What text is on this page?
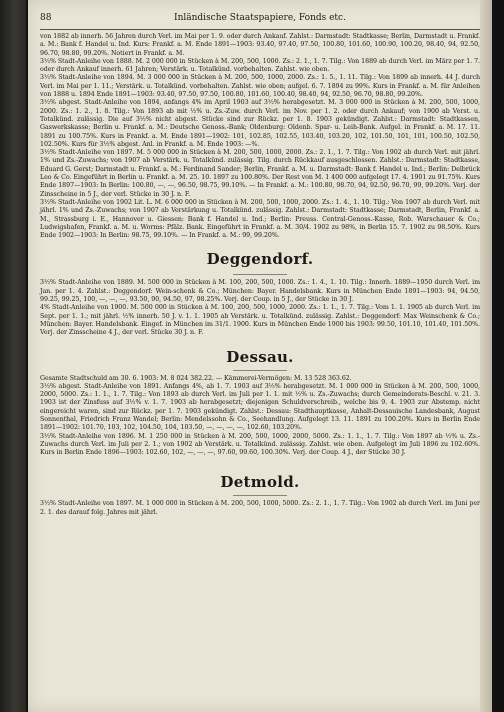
88	Inländische Staatspapiere, Fonds etc.

von 1882 ab innerh. 56 Jahren durch Verl. im Mai per 1. 9. oder durch Ankauf. Zahlst.: Darmstadt: Stadtkasse; Berlin, Darmstadt u. Frankf. a. M.: Bank f. Handel u. Ind. Kurs: Frankf. a. M. Ende 1891—1903: 93.40, 97.40, 97.50, 100.80, 101.60, 100.90, 100.20, 98.40, 94, 92.50, 96.70, 98.80, 99.20%. Notiert in Frankf. a. M.

3½% Stadt-Anleihe von 1888. M. 2 000 000 in Stücken à M. 200, 500, 1000. Zs.: 2. 1., 1. 7. Tilg.: Von 1889 ab durch Verl. im März per 1. 7. oder durch Ankauf innerh. 61 Jahren; Verstärk. u. Totalkünd. vorbehalten. Zahlst. wie oben.

3½% Stadt-Anleihe von 1894. M. 3 000 000 in Stücken à M. 200, 500, 1000, 2000. Zs.: 1. 5., 1. 11. Tilg.: Von 1899 ab innerh. 44 J. durch Verl. im Mai per 1. 11.; Verstärk. u. Totalkünd. vorbehalten. Zahlst. wie oben; aufgel. 6. 7. 1894 zu 99%. Kurs in Frankf. a. M. für Anleihen von 1888 u. 1894 Ende 1891—1903: 93.40, 97.50, 97.50, 100.80, 101.60, 100.40, 98.40, 94, 92.50, 96.70, 98.80, 99.20%.

3½% abgest. Stadt-Anleihe von 1894, anfangs 4% im April 1903 auf 3½% herabgesetzt. M. 3 000 000 in Stücken à M. 200, 500, 1000, 2000. Zs.: 1. 2., 1. 8. Tilg.: Von 1893 ab mit ½% u. Zs.-Zuw. durch Verl. im Nov. per 1. 2. oder durch Ankauf; von 1900 ab Verst. u. Totalkünd. zulässig. Die auf 3½% nicht abgest. Stücke sind zur Rückz. per 1. 8. 1903 gekündigt. Zahlst.: Darmstadt: Stadtkassen, Gaswerkskasse; Berlin u. Frankf. a. M.: Deutsche Genoss.-Bank; Oldenburg: Oldenb. Spar- u. Leih-Bank. Aufgel. in Frankf. a. M. 17. 11. 1891 zu 100.75%. Kurs in Frankf. a. M. Ende 1891—1902: 101, 102.85, 102.55, 103.40, 103.20, 102, 101.50, 101, 101, 100.50, 102.50, 102.50%. Kurs für 3½% abgest. Anl. in Frankf. a. M. Ende 1903: —%.

3½% Stadt-Anleihe von 1897. M. 5 000 000 in Stücken à M. 200, 500, 1000, 2000. Zs.: 2. 1., 1. 7. Tilg.: Von 1902 ab durch Verl. mit jährl. 1% und Zs.-Zuwachs; von 1907 ab Verstärk. u. Totalkünd. zulässig. Tilg. durch Rückkauf ausgeschlossen. Zahlst.: Darmstadt: Stadtkasse, Eduard G. Gerst; Darmstadt u. Frankf. a. M.: Ferdinand Sander; Berlin, Frankf. a. M. u. Darmstadt: Bank f. Handel u. Ind.; Berlin: Delbrück Leo & Co. Eingeführt in Berlin u. Frankf. a. M. 25. 10. 1897 zu 100.80%. Der Rest von M. 1 400 000 aufgelegt 17. 4. 1901 zu 91.75%. Kurs Ende 1897—1903: In Berlin: 100.80, —, —, 96.50, 98.75, 99.10%. — In Frankf. a. M.: 100.80, 98.70, 94, 92.50, 96.70, 99, 99.20%. Verj. der Zinsscheine in 5 J., der verl. Stücke in 30 J. n. F.

3½% Stadt-Anleihe von 1902 Lit. L. M. 6 000 000 in Stücken à M. 200, 500, 1000, 2000. Zs.: 1. 4., 1. 10. Tilg.: Von 1907 ab durch Verl. mit jährl. 1% und Zs.-Zuwachs; von 1907 ab Verstärkung u. Totalkünd. zulässig. Zahlst.: Darmstadt: Stadtkasse; Darmstadt, Berlin, Frankf. a. M., Strassburg i. E., Hannover u. Giessen: Bank f. Handel u. Ind.; Berlin: Preuss. Central-Genoss.-Kasse, Rob. Warschauer & Co.; Ludwigshafen, Frankf. a. M. u. Worms: Pfälz. Bank. Eingeführt in Frankf. a. M. 30/4. 1902 zu 98%, in Berlin 15. 7. 1902 zu 98.50%. Kurs Ende 1902—1903: In Berlin: 98.75, 99.10%. — In Frankf. a. M.: 99, 99.20%.

Deggendorf.

3½% Stadt-Anleihe von 1889. M. 500 000 in Stücken à M. 100, 200, 500, 1000. Zs.: 1. 4., 1. 10. Tilg.: Innerh. 1889—1950 durch Verl. im Jan. per 1. 4. Zahlst.: Deggendorf: Wein-schenk & Co.; München: Bayer. Handelsbank. Kurs in München Ende 1891—1903: 94, 94.50, 99.25, 99.25, 100, —, —, —, 93.50, 90, 94.50, 97, 98.25%. Verj. der Coup. in 5 J., der Stücke in 30 J.

4% Stadt-Anleihe von 1900. M. 500 000 in Stücken à M. 100, 200, 500, 1000, 2000. Zs.: 1. 1., 1. 7. Tilg.: Vom 1. 1. 1905 ab durch Verl. im Sept. per 1. 1.; mit jährl. ½% innerh. 50 J. v. 1. 1. 1905 ab Verstärk. u. Totalkünd. zulässig. Zahlst.: Deggendorf: Max Weinschenk & Co.; München: Bayer. Handelsbank. Eingef. in München im 31/1. 1900. Kurs in München Ende 1900 bis 1903: 99.50, 101.10, 101.40, 101.50%. Verj. der Zinsscheine 4 J., der verl. Stücke 30 J. n. F.

Dessau.

Gesamte Stadtschuld am 30. 6. 1903: M. 8 024 382.22. — Kämmerei-Vermögen: M. 13 528 363.62.

3½% abgest. Stadt-Anleihe von 1891. Anfangs 4%, ab 1. 7. 1903 auf 3½% herabgesetzt. M. 1 000 000 in Stücken à M. 200, 500, 1000, 2000, 5000. Zs.: 1. 1., 1. 7. Tilg.: Von 1893 ab durch Verl. im Juli per 1. 1. mit ½% u. Zs.-Zuwachs; durch Gemeinderats-Beschl. v. 21. 3. 1903 ist der Zinsfuss auf 3½% v. 1. 7. 1903 ab herabgesetzt; diejenigen Schuldverschreib., welche bis 9. 4. 1903 zur Abstemp. nicht eingereicht waren, sind zur Rückz. per 1. 7. 1903 gekündigt. Zahlst.: Dessau: Stadthauptkasse, Anhalt-Dessauische Landesbank, August Sonnenthal, Friedrich Franz Wandel; Berlin: Mendelssohn & Co., Seehandlung. Aufgelegt 13. 11. 1891 zu 100.20%. Kurs in Berlin Ende 1891—1902: 101.70, 103, 102, 104.50, 104, 103.50, —, —, —, —, 102.60, 103.20%.

3½% Stadt-Anleihe von 1896. M. 1 250 000 in Stücken à M. 200, 500, 1000, 2000, 5000. Zs.: 1. 1., 1. 7. Tilg.: Von 1897 ab ½% u. Zs.-Zuwachs durch Verl. im Juli per 2. 1.; von 1902 ab Verstärk. u. Totalkünd. zulässig. Zahlst. wie oben. Aufgelegt im Juli 1896 zu 102.60%. Kurs in Berlin Ende 1896—1903: 102.60, 102, —, —, —, 97.60, 99.60, 100.30%. Verj. der Coup. 4 J., der Stücke 30 J.

Detmold.

3½% Stadt-Anleihe von 1897. M. 1 000 000 in Stücken à M. 200, 500, 1000, 5000. Zs.: 2. 1., 1. 7. Tilg.: Von 1902 ab durch Verl. im Juni per 2. 1. des darauf folg. Jahres mit jährl.
